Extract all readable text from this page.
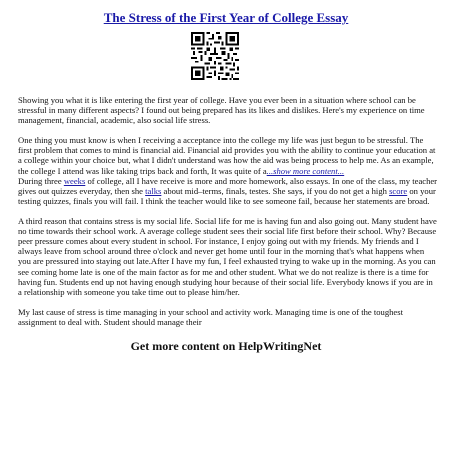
The Stress of the First Year of College Essay

Showing you what it is like entering the first year of college. Have you ever been in a situation where school can be stressful in many different aspects? I found out being prepared has its likes and dislikes. Here's my experience on time management, financial, academic, also social life stress.

One thing you must know is when I receiving a acceptance into the college my life was just begun to be stressful. The first problem that comes to mind is financial aid. Financial aid provides you with the ability to continue your education at a college within your choice but, what I didn't understand was how the aid was being process to help me. As an example, the college I attend was like taking trips back and forth, It was quite of a...show more content...

During three weeks of college, all I have receive is more and more homework, also essays. In one of the class, my teacher gives out quizzes everyday, then she talks about mid–terms, finals, testes. She says, if you do not get a high score on your testing quizzes, finals you will fail. I think the teacher would like to see someone fail, because her statements are broad.

A third reason that contains stress is my social life. Social life for me is having fun and also going out. Many student have no time towards their school work. A average college student sees their social life first before their school. Why? Because peer pressure comes about every student in school. For instance, I enjoy going out with my friends. My friends and I always leave from school around three o'clock and never get home until four in the morning that's what happens when you are pressured into staying out late.After I have my fun, I feel exhausted trying to wake up in the morning. As you can see coming home late is one of the main factor as for me and other student. What we do not realize is there is a time for having fun. Students end up not having enough studying hour because of their social life. Everybody knows if you are in a relationship with someone you take time out to please him/her.

My last cause of stress is time managing in your school and activity work. Managing time is one of the toughest assignment to deal with. Student should manage their

Get more content on HelpWritingNet
